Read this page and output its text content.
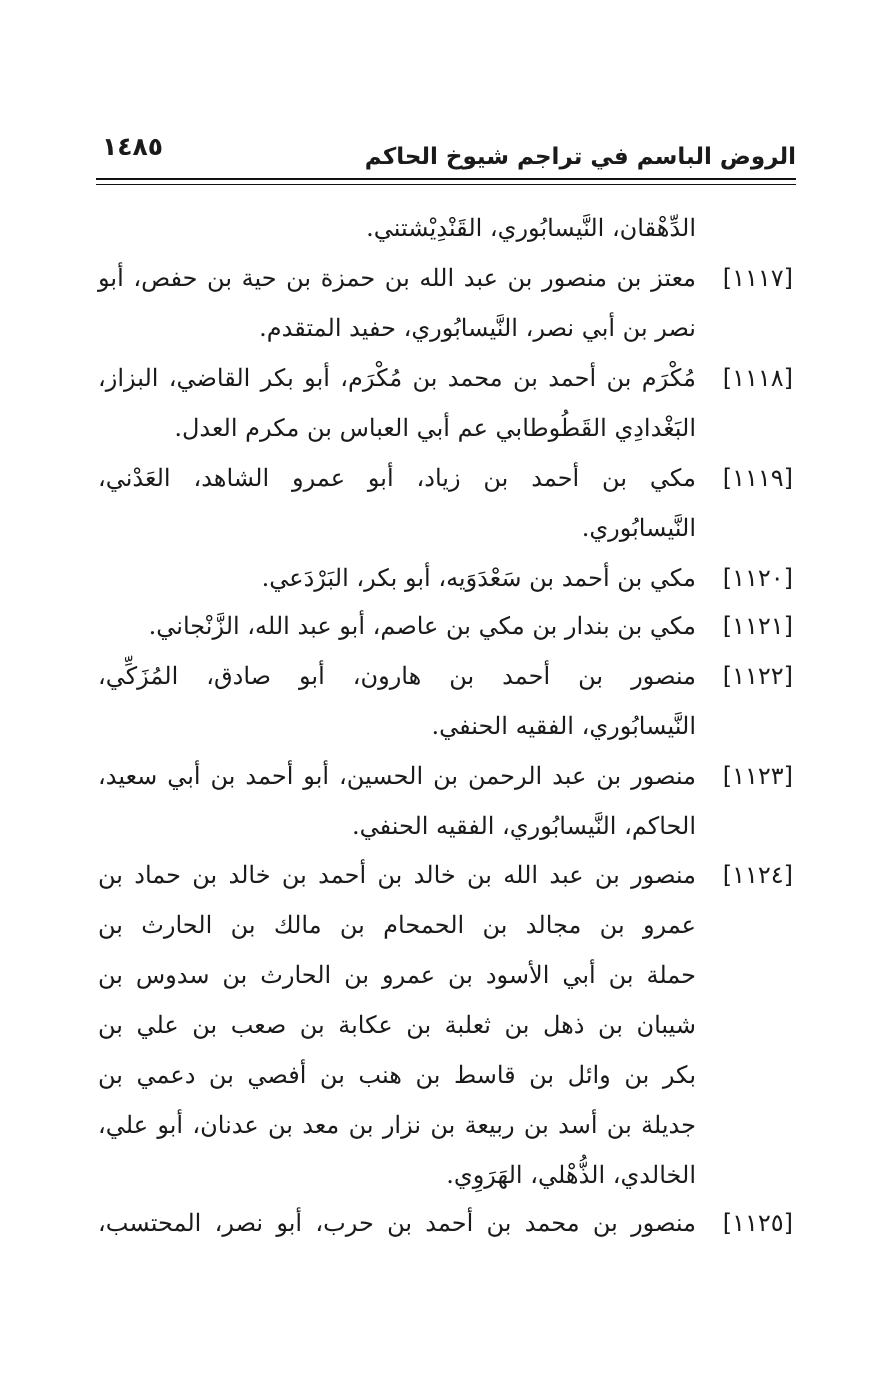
الروض الباسم في تراجم شيوخ الحاكم
١٤٨٥
الدِّهْقان، النَّيسابُوري، القَنْدِيْشتني.
[١١١٧]
معتز بن منصور بن عبد الله بن حمزة بن حية بن حفص، أبو
نصر بن أبي نصر، النَّيسابُوري، حفيد المتقدم.
[١١١٨]
مُكْرَم بن أحمد بن محمد بن مُكْرَم، أبو بكر القاضي، البزاز،
البَغْدادِي القَطُوطابي عم أبي العباس بن مكرم العدل.
[١١١٩]
مكي بن أحمد بن زياد، أبو عمرو الشاهد، العَدْني،
النَّيسابُوري.
[١١٢٠]
مكي بن أحمد بن سَعْدَوَيه، أبو بكر، البَرْدَعي.
[١١٢١]
مكي بن بندار بن مكي بن عاصم، أبو عبد الله، الزَّنْجاني.
[١١٢٢]
منصور بن أحمد بن هارون، أبو صادق، المُزَكِّي،
النَّيسابُوري، الفقيه الحنفي.
[١١٢٣]
منصور بن عبد الرحمن بن الحسين، أبو أحمد بن أبي سعيد،
الحاكم، النَّيسابُوري، الفقيه الحنفي.
[١١٢٤]
منصور بن عبد الله بن خالد بن أحمد بن خالد بن حماد بن
عمرو بن مجالد بن الحمحام بن مالك بن الحارث بن
حملة بن أبي الأسود بن عمرو بن الحارث بن سدوس بن
شيبان بن ذهل بن ثعلبة بن عكابة بن صعب بن علي بن
بكر بن وائل بن قاسط بن هنب بن أفصي بن دعمي بن
جديلة بن أسد بن ربيعة بن نزار بن معد بن عدنان، أبو علي،
الخالدي، الذُّهْلي، الهَرَوِي.
[١١٢٥]
منصور بن محمد بن أحمد بن حرب، أبو نصر، المحتسب،
